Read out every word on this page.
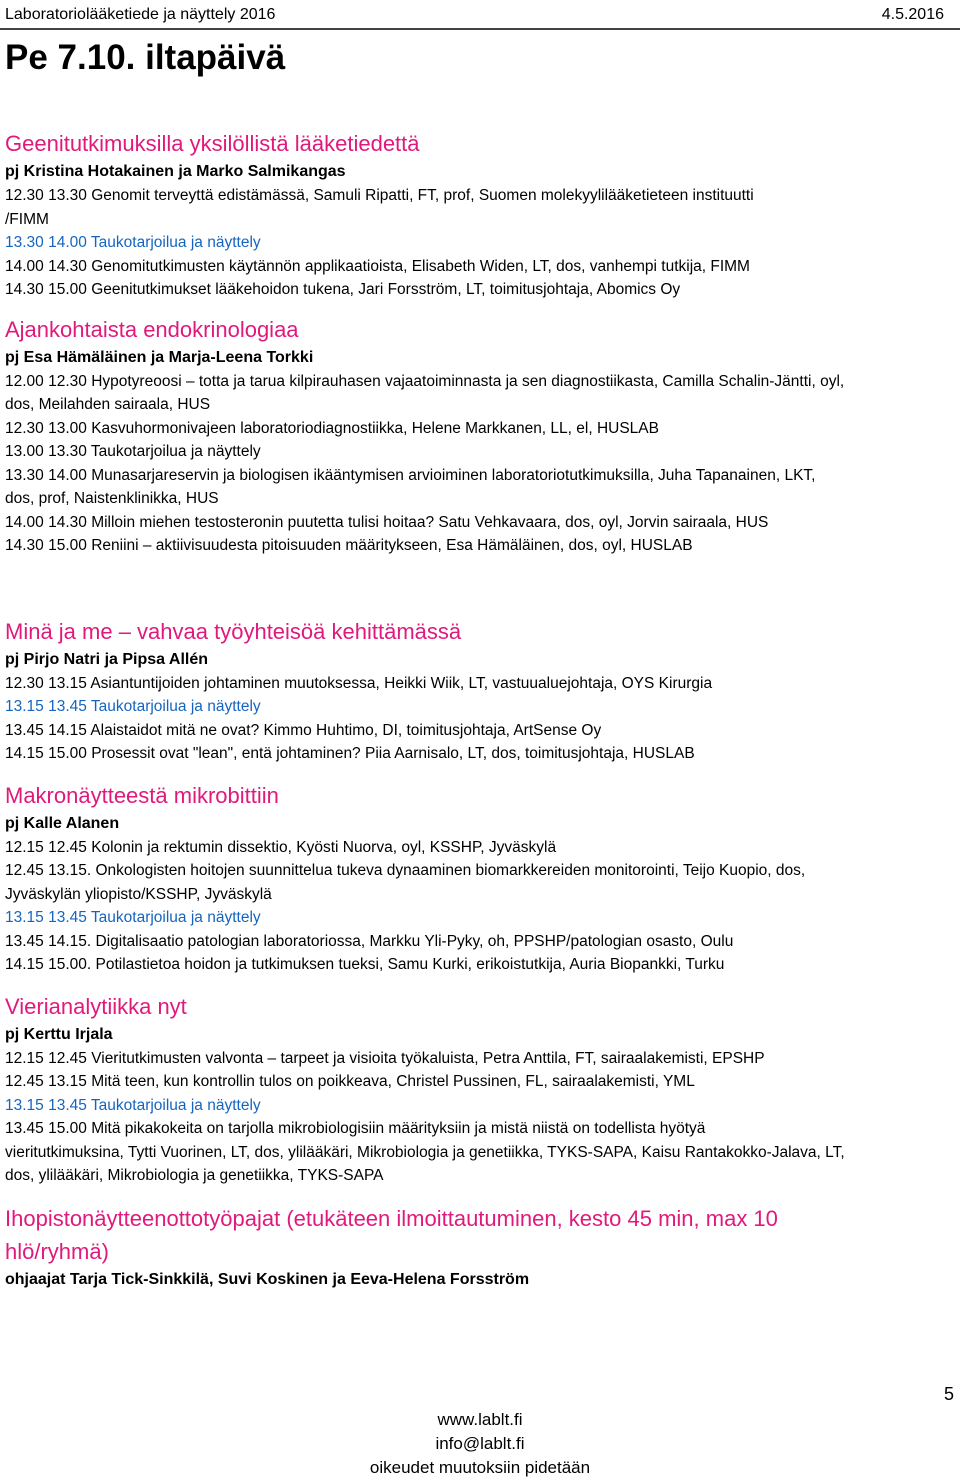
Laboratoriolääketiede ja näyttely 2016	4.5.2016
Pe 7.10. iltapäivä

Geenitutkimuksilla yksilöllistä lääketiedettä

pj Kristina Hotakainen ja Marko Salmikangas

12.30 13.30 Genomit terveyttä edistämässä, Samuli Ripatti, FT, prof, Suomen molekyylilääketieteen instituutti

/FIMM

13.30 14.00 Taukotarjoilua ja näyttely

14.00 14.30 Genomitutkimusten käytännön applikaatioista, Elisabeth Widen, LT, dos, vanhempi tutkija, FIMM

14.30 15.00 Geenitutkimukset lääkehoidon tukena, Jari Forsström, LT, toimitusjohtaja, Abomics Oy

Ajankohtaista endokrinologiaa

pj Esa Hämäläinen ja Marja-Leena Torkki

12.00 12.30 Hypotyreoosi – totta ja tarua kilpirauhasen vajaatoiminnasta ja sen diagnostiikasta, Camilla Schalin-Jäntti, oyl,

dos, Meilahden sairaala, HUS

12.30 13.00 Kasvuhormonivajeen laboratoriodiagnostiikka, Helene Markkanen, LL, el, HUSLAB

13.00 13.30 Taukotarjoilua ja näyttely

13.30 14.00 Munasarjareservin ja biologisen ikääntymisen arvioiminen laboratoriotutkimuksilla, Juha Tapanainen, LKT,

dos, prof, Naistenklinikka, HUS

14.00 14.30 Milloin miehen testosteronin puutetta tulisi hoitaa? Satu Vehkavaara, dos, oyl, Jorvin sairaala, HUS

14.30 15.00 Reniini – aktiivisuudesta pitoisuuden määritykseen, Esa Hämäläinen, dos, oyl, HUSLAB

Minä ja me – vahvaa työyhteisöä kehittämässä

pj Pirjo Natri ja Pipsa Allén

12.30 13.15 Asiantuntijoiden johtaminen muutoksessa, Heikki Wiik, LT, vastuualuejohtaja, OYS Kirurgia

13.15 13.45 Taukotarjoilua ja näyttely

13.45 14.15 Alaistaidot mitä ne ovat? Kimmo Huhtimo, DI, toimitusjohtaja, ArtSense Oy

14.15 15.00 Prosessit ovat "lean", entä johtaminen? Piia Aarnisalo, LT, dos, toimitusjohtaja, HUSLAB

Makronäytteestä mikrobittiin

pj Kalle Alanen

12.15 12.45 Kolonin ja rektumin dissektio, Kyösti Nuorva, oyl, KSSHP, Jyväskylä

12.45 13.15. Onkologisten hoitojen suunnittelua tukeva dynaaminen biomarkkereiden monitorointi, Teijo Kuopio, dos,

Jyväskylän yliopisto/KSSHP, Jyväskylä

13.15 13.45 Taukotarjoilua ja näyttely

13.45 14.15. Digitalisaatio patologian laboratoriossa, Markku Yli-Pyky, oh, PPSHP/patologian osasto, Oulu

14.15 15.00. Potilastietoa hoidon ja tutkimuksen tueksi, Samu Kurki, erikoistutkija, Auria Biopankki, Turku

Vierianalytiikka nyt

pj Kerttu Irjala

12.15 12.45 Vieritutkimusten valvonta – tarpeet ja visioita työkaluista, Petra Anttila, FT, sairaalakemisti, EPSHP

12.45 13.15 Mitä teen, kun kontrollin tulos on poikkeava, Christel Pussinen, FL, sairaalakemisti, YML

13.15 13.45 Taukotarjoilua ja näyttely

13.45 15.00 Mitä pikakokeita on tarjolla mikrobiologisiin määrityksiin ja mistä niistä on todellista hyötyä

vieritutkimuksina, Tytti Vuorinen, LT, dos, ylilääkäri, Mikrobiologia ja genetiikka, TYKS-SAPA, Kaisu Rantakokko-Jalava, LT,

dos, ylilääkäri, Mikrobiologia ja genetiikka, TYKS-SAPA

Ihopistonäytteenottotyöpajat (etukäteen ilmoittautuminen, kesto 45 min, max 10

hlö/ryhmä)

ohjaajat Tarja Tick-Sinkkilä, Suvi Koskinen ja Eeva-Helena Forsström

5
www.lablt.fi
info@lablt.fi
oikeudet muutoksiin pidetään
